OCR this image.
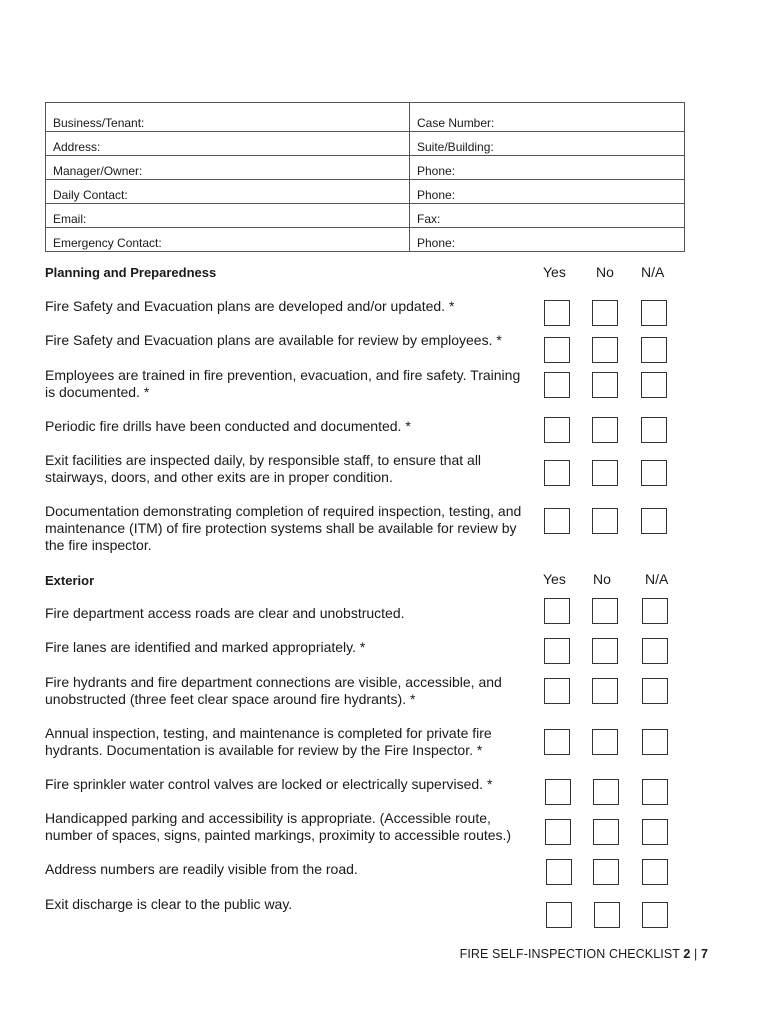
Business/Tenant:	Case Number:
Address:	Suite/Building:
Manager/Owner:	Phone:
Daily Contact:	Phone:
Email:	Fax:
Emergency Contact:	Phone:
Planning and Preparedness	Yes No N/A
Fire Safety and Evacuation plans are developed and/or updated. *
Fire Safety and Evacuation plans are available for review by employees. *
Employees are trained in fire prevention, evacuation, and fire safety. Training is documented. *
Periodic fire drills have been conducted and documented. *
Exit facilities are inspected daily, by responsible staff, to ensure that all stairways, doors, and other exits are in proper condition.
Documentation demonstrating completion of required inspection, testing, and maintenance (ITM) of fire protection systems shall be available for review by the fire inspector.
Exterior	Yes No N/A
Fire department access roads are clear and unobstructed.
Fire lanes are identified and marked appropriately. *
Fire hydrants and fire department connections are visible, accessible, and unobstructed (three feet clear space around fire hydrants). *
Annual inspection, testing, and maintenance is completed for private fire hydrants. Documentation is available for review by the Fire Inspector. *
Fire sprinkler water control valves are locked or electrically supervised. *
Handicapped parking and accessibility is appropriate. (Accessible route, number of spaces, signs, painted markings, proximity to accessible routes.)
Address numbers are readily visible from the road.
Exit discharge is clear to the public way.
FIRE SELF-INSPECTION CHECKLIST 2 | 7
